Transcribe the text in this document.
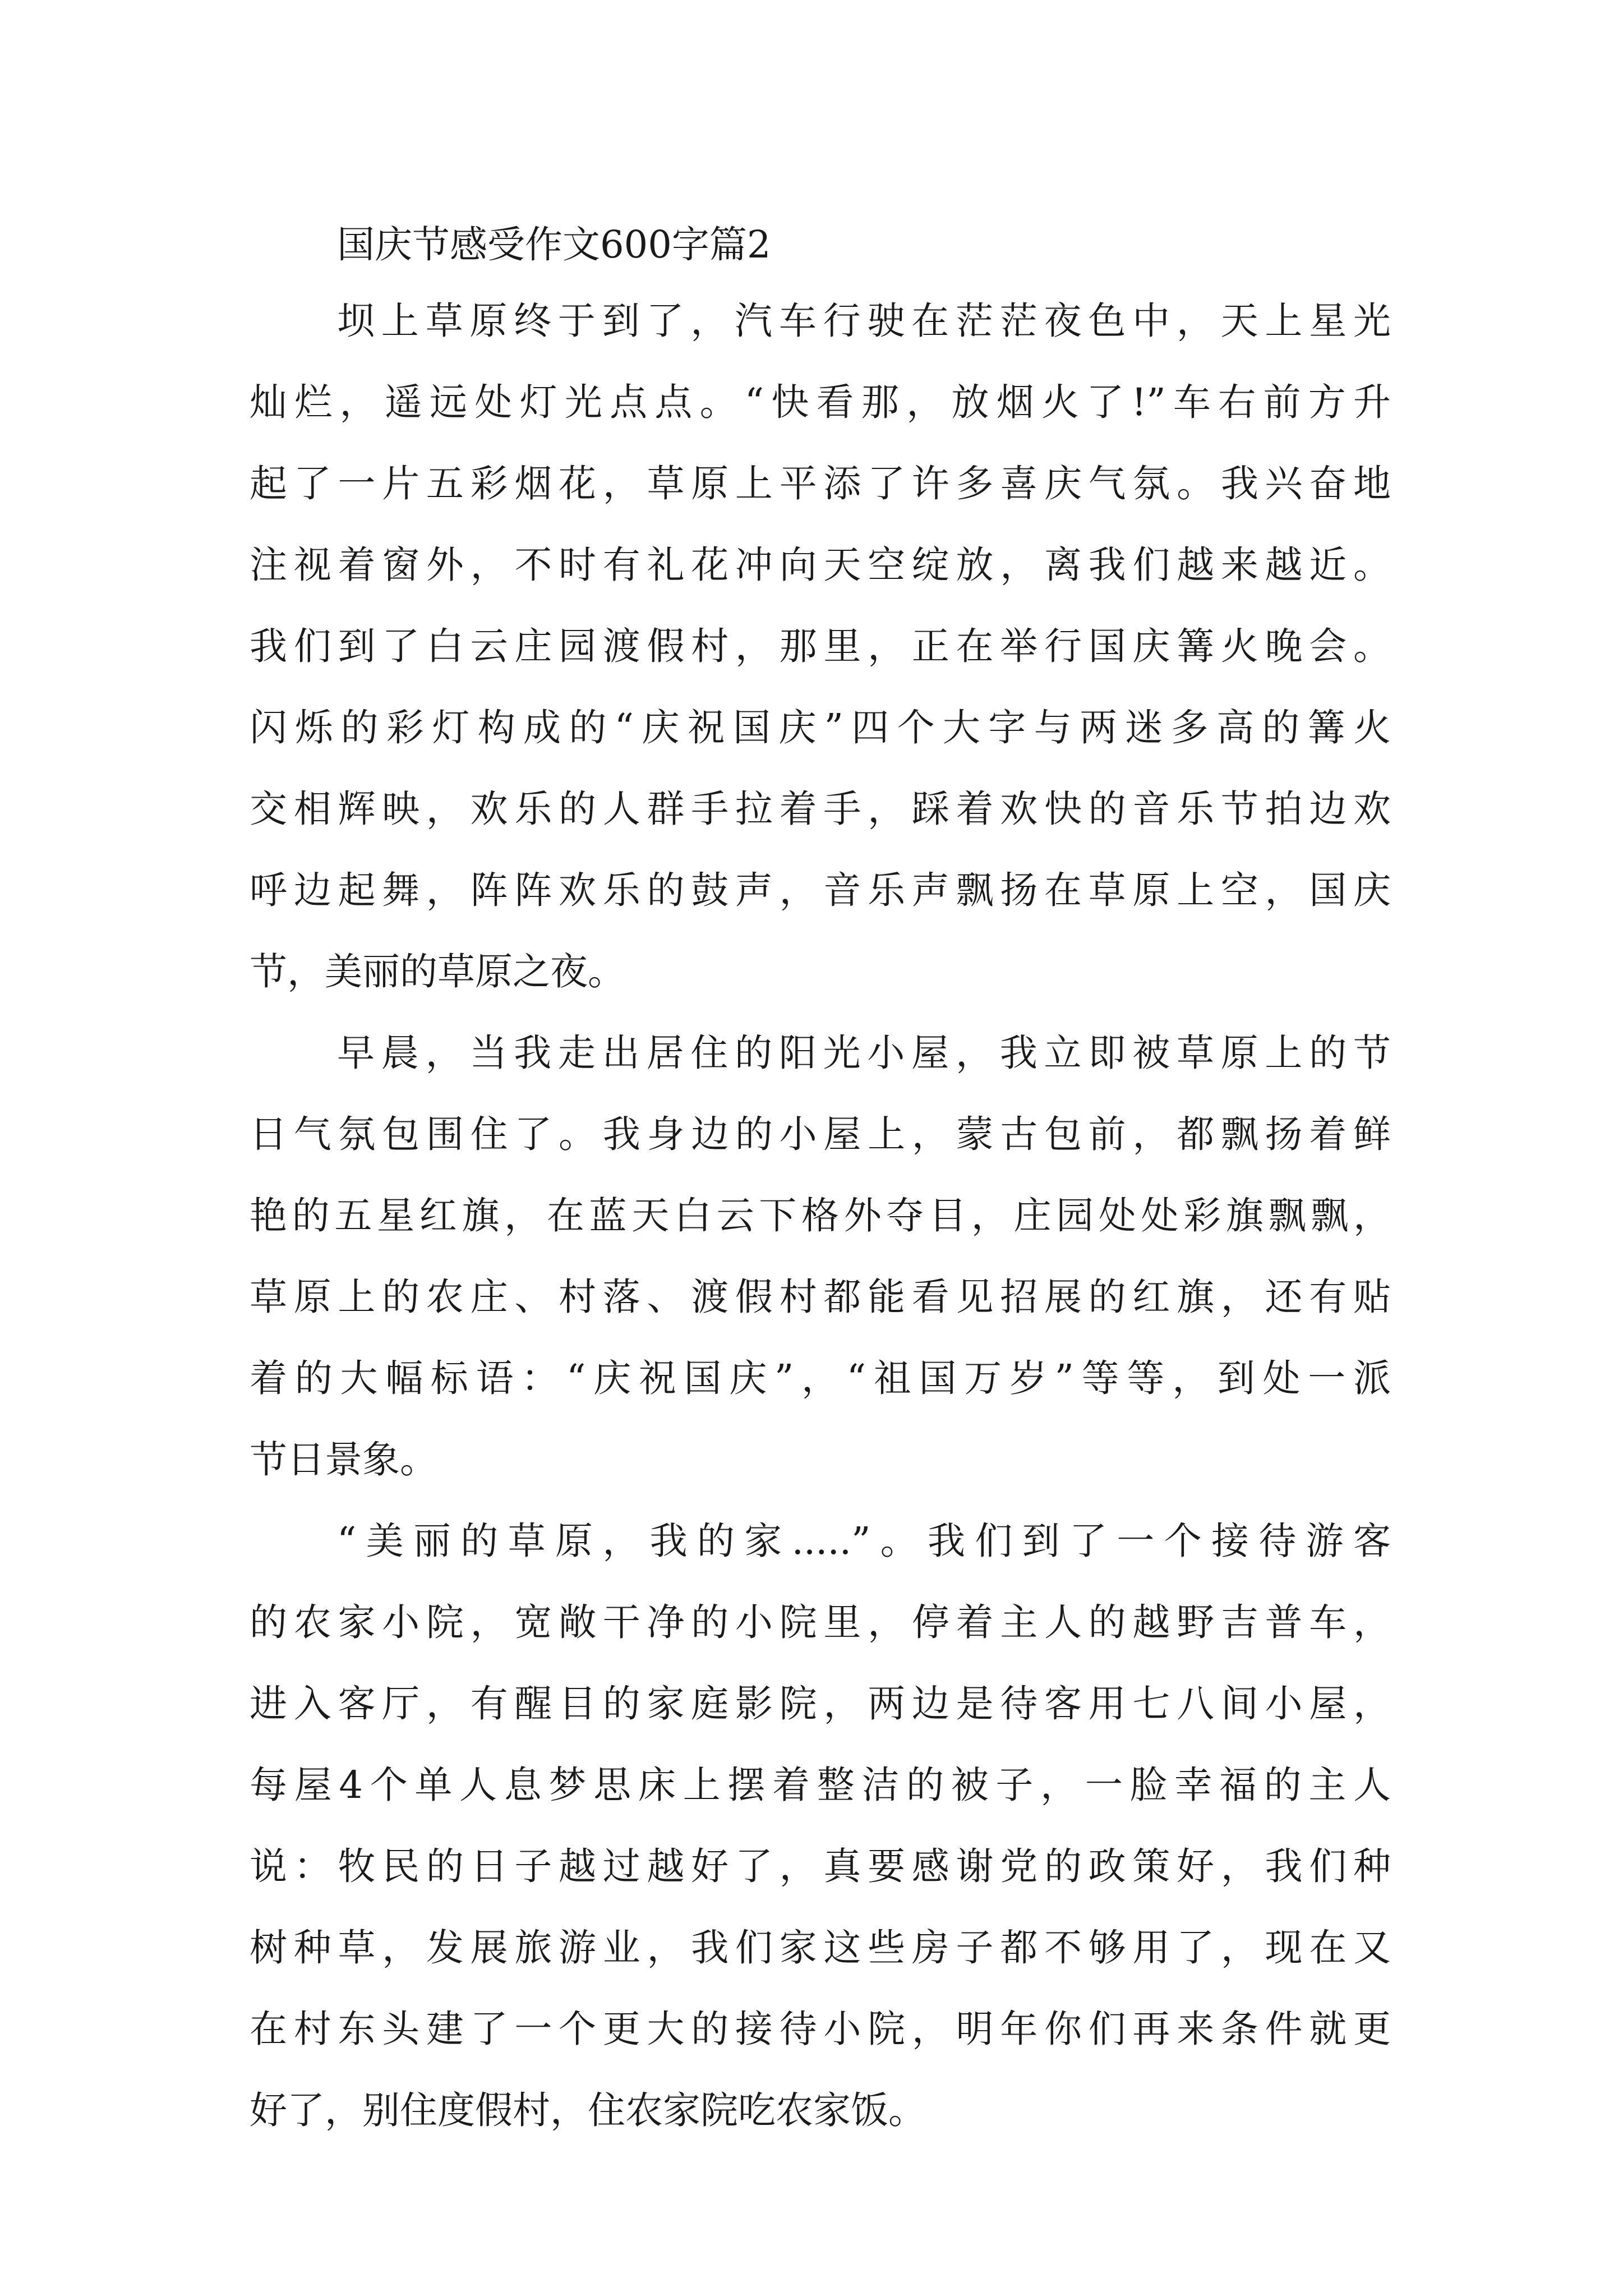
国庆节感受作文600字篇2

坝上草原终于到了，汽车行驶在茫茫夜色中，天上星光
灿烂，遥远处灯光点点。“快看那，放烟火了!”车右前方升
起了一片五彩烟花，草原上平添了许多喜庆气氛。我兴奋地
注视着窗外，不时有礼花冲向天空绽放，离我们越来越近。
我们到了白云庄园渡假村，那里，正在举行国庆篝火晚会。
闪烁的彩灯构成的“庆祝国庆”四个大字与两迷多高的篝火
交相辉映，欢乐的人群手拉着手，踩着欢快的音乐节拍边欢
呼边起舞，阵阵欢乐的鼓声，音乐声飘扬在草原上空，国庆
节，美丽的草原之夜。
早晨，当我走出居住的阳光小屋，我立即被草原上的节
日气氛包围住了。我身边的小屋上，蒙古包前，都飘扬着鲜
艳的五星红旗，在蓝天白云下格外夺目，庄园处处彩旗飘飘，
草原上的农庄、村落、渡假村都能看见招展的红旗，还有贴
着的大幅标语：“庆祝国庆”，“祖国万岁”等等，到处一派
节日景象。
“美丽的草原，我的家.....”。我们到了一个接待游客
的农家小院，宽敞干净的小院里，停着主人的越野吉普车，
进入客厅，有醒目的家庭影院，两边是待客用七八间小屋，
每屋4个单人息梦思床上摆着整洁的被子，一脸幸福的主人
说：牧民的日子越过越好了，真要感谢党的政策好，我们种
树种草，发展旅游业，我们家这些房子都不够用了，现在又
在村东头建了一个更大的接待小院，明年你们再来条件就更
好了，别住度假村，住农家院吃农家饭。
